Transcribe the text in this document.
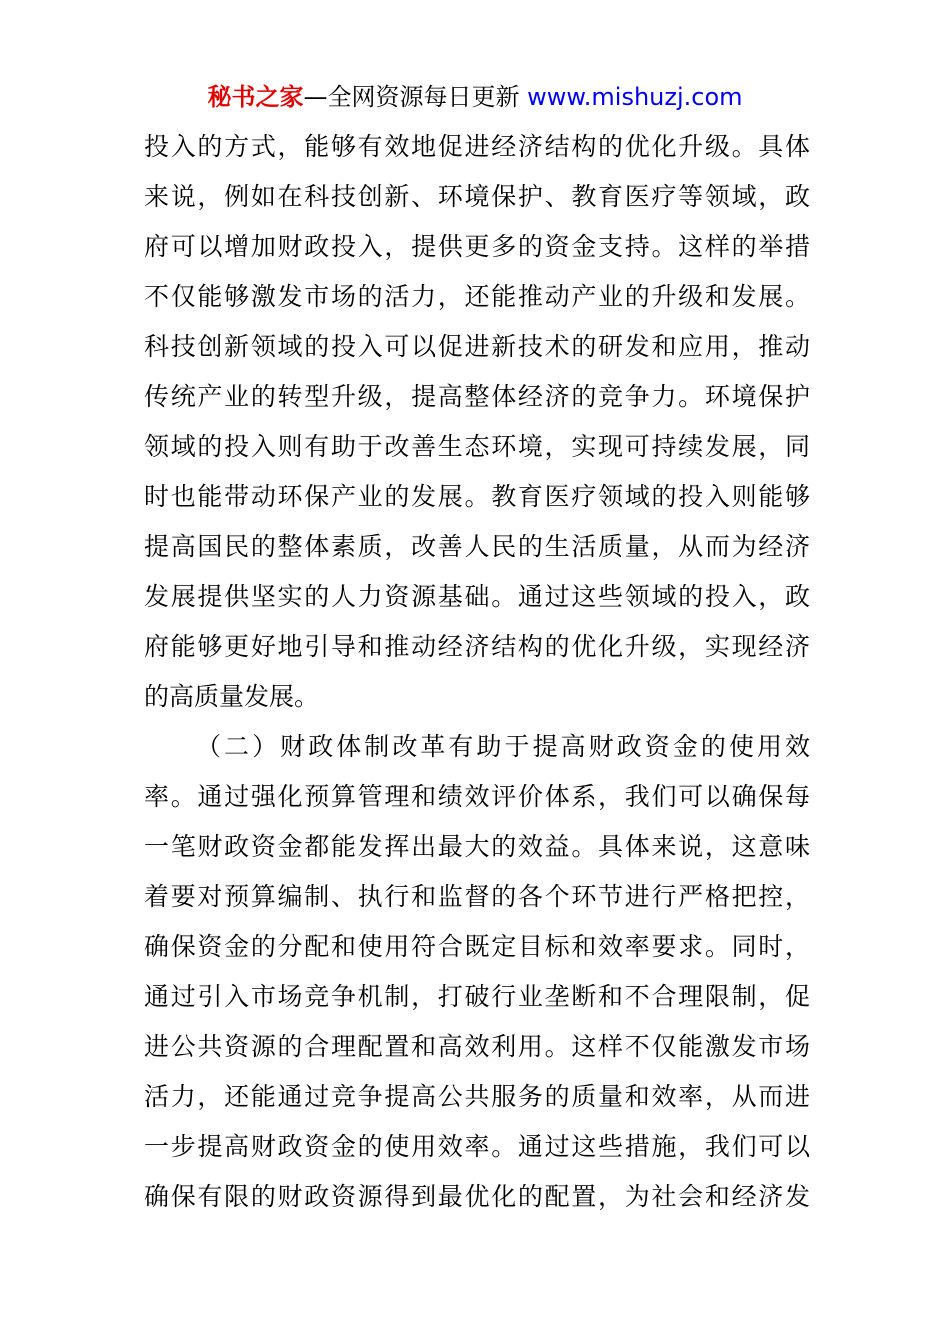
秘书之家—全网资源每日更新 www.mishuzj.com
投入的方式，能够有效地促进经济结构的优化升级。具体
来说，例如在科技创新、环境保护、教育医疗等领域，政
府可以增加财政投入，提供更多的资金支持。这样的举措
不仅能够激发市场的活力，还能推动产业的升级和发展。
科技创新领域的投入可以促进新技术的研发和应用，推动
传统产业的转型升级，提高整体经济的竞争力。环境保护
领域的投入则有助于改善生态环境，实现可持续发展，同
时也能带动环保产业的发展。教育医疗领域的投入则能够
提高国民的整体素质，改善人民的生活质量，从而为经济
发展提供坚实的人力资源基础。通过这些领域的投入，政
府能够更好地引导和推动经济结构的优化升级，实现经济
的高质量发展。
（二）财政体制改革有助于提高财政资金的使用效
率。通过强化预算管理和绩效评价体系，我们可以确保每
一笔财政资金都能发挥出最大的效益。具体来说，这意味
着要对预算编制、执行和监督的各个环节进行严格把控，
确保资金的分配和使用符合既定目标和效率要求。同时，
通过引入市场竞争机制，打破行业垄断和不合理限制，促
进公共资源的合理配置和高效利用。这样不仅能激发市场
活力，还能通过竞争提高公共服务的质量和效率，从而进
一步提高财政资金的使用效率。通过这些措施，我们可以
确保有限的财政资源得到最优化的配置，为社会和经济发
